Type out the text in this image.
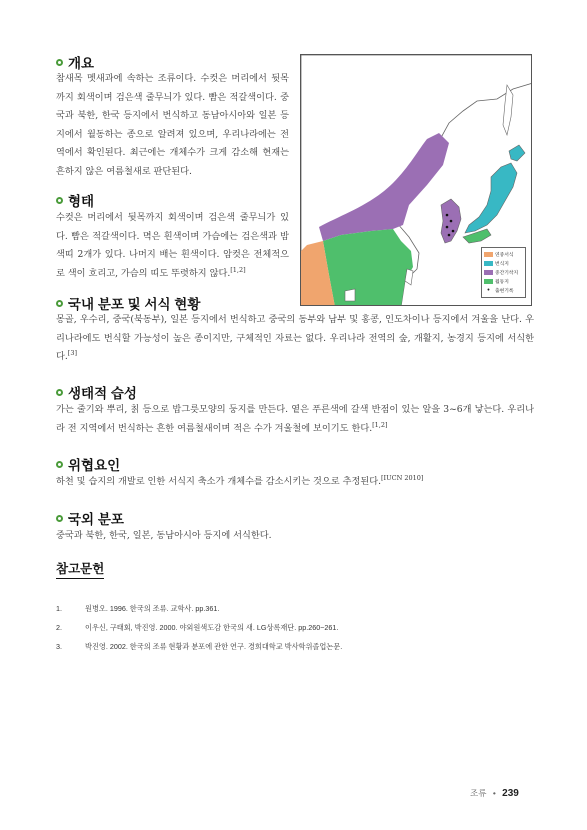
개요
참새목 멧새과에 속하는 조류이다. 수컷은 머리에서 뒷목까지 회색이며 검은색 줄무늬가 있다. 빰은 적갈색이다. 중국과 북한, 한국 등지에서 번식하고 동남아시아와 일본 등지에서 월동하는 종으로 알려져 있으며, 우리나라에는 전역에서 확인된다. 최근에는 개체수가 크게 감소해 현재는 흔하지 않은 여름철새로 판단된다.
형태
수컷은 머리에서 뒷목까지 회색이며 검은색 줄무늬가 있다. 빰은 적갈색이다. 멱은 흰색이며 가슴에는 검은색과 밤색띠 2개가 있다. 나머지 배는 흰색이다. 암컷은 전체적으로 색이 흐리고, 가슴의 띠도 뚜렷하지 않다.[1,2]
국내 분포 및 서식 현황
몽골, 우수리, 중국(북동부), 일본 등지에서 번식하고 중국의 동부와 남부 및 홍콩, 인도차이나 등지에서 겨울을 난다. 우리나라에도 번식할 가능성이 높은 종이지만, 구체적인 자료는 없다. 우리나라 전역의 숲, 개활지, 농경지 등지에 서식한다.[3]
생태적 습성
가는 줄기와 뿌리, 칡 등으로 밥그릇모양의 둥지를 만든다. 옅은 푸른색에 갈색 반점이 있는 알을 3~6개 낳는다. 우리나라 전 지역에서 번식하는 흔한 여름철새이며 적은 수가 겨울철에 보이기도 한다.[1,2]
위협요인
하천 및 습지의 개발로 인한 서식지 축소가 개체수를 감소시키는 것으로 추정된다.[IUCN 2010]
국외 분포
중국과 북한, 한국, 일본, 동남아시아 등지에 서식한다.
참고문헌
1.	원병오. 1996. 한국의 조류. 교학사. pp.361.
2.	이우신, 구태회, 박진영. 2000. 야외원색도감 한국의 새. LG상록재단. pp.260~261.
3.	박진영. 2002. 한국의 조류 현황과 분포에 관한 연구. 경희대학교 박사학위졸업논문.
연중서식
번식지
중간기착지
월동지
•	출현기록
조류 • 239
